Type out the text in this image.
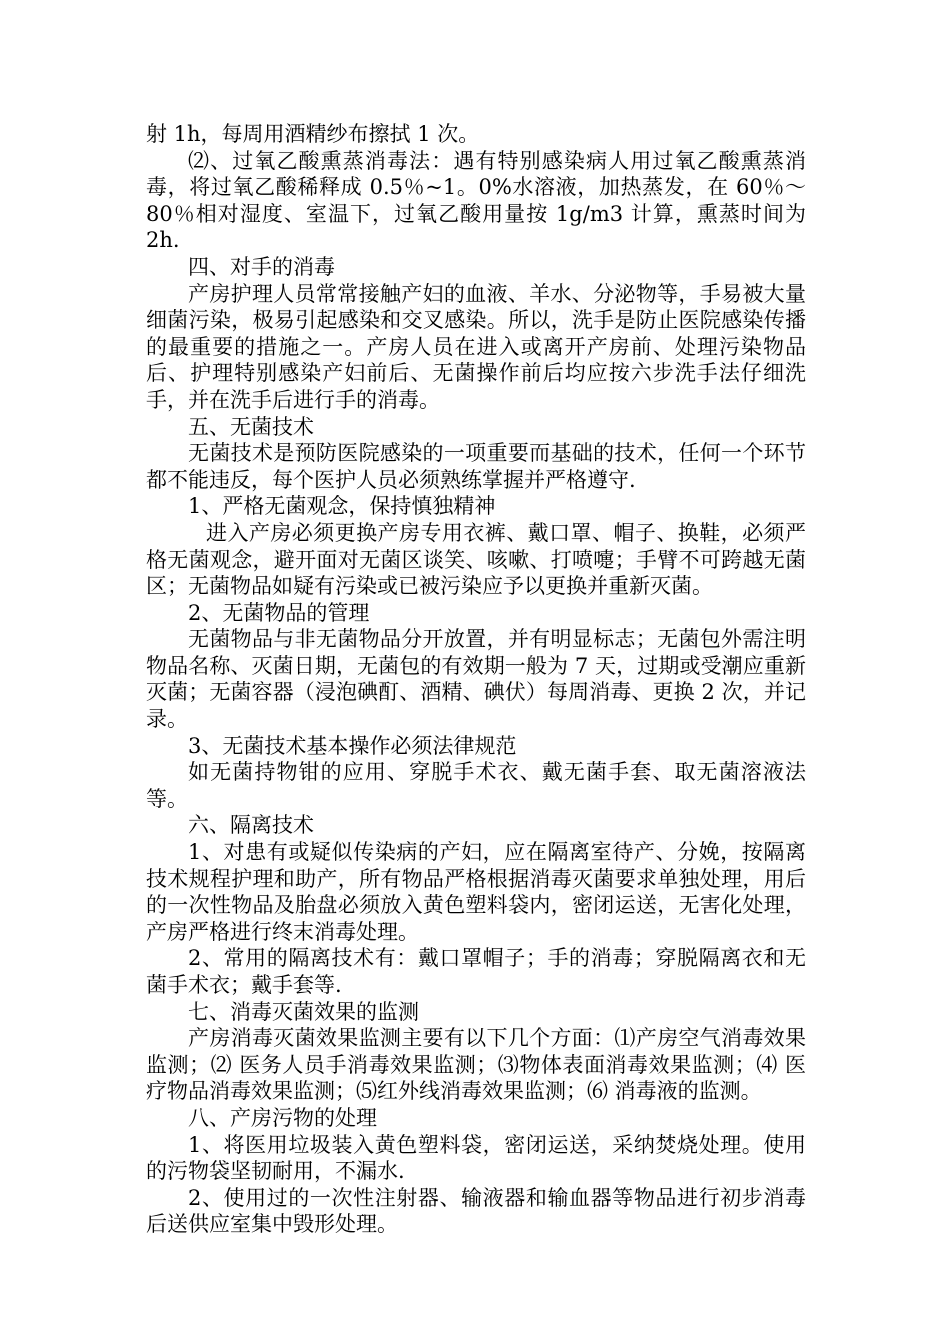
射 1h，每周用酒精纱布擦拭 1 次。

⑵、过氧乙酸熏蒸消毒法：遇有特别感染病人用过氧乙酸熏蒸消毒，将过氧乙酸稀释成 0.5％~1。0%水溶液，加热蒸发，在 60％～80％相对湿度、室温下，过氧乙酸用量按 1g/m3 计算，熏蒸时间为 2h.

四、对手的消毒

产房护理人员常常接触产妇的血液、羊水、分泌物等，手易被大量细菌污染，极易引起感染和交叉感染。所以，洗手是防止医院感染传播的最重要的措施之一。产房人员在进入或离开产房前、处理污染物品后、护理特别感染产妇前后、无菌操作前后均应按六步洗手法仔细洗手，并在洗手后进行手的消毒。

五、无菌技术

无菌技术是预防医院感染的一项重要而基础的技术，任何一个环节都不能违反，每个医护人员必须熟练掌握并严格遵守.

1、严格无菌观念，保持慎独精神

进入产房必须更换产房专用衣裤、戴口罩、帽子、换鞋，必须严格无菌观念，避开面对无菌区谈笑、咳嗽、打喷嚏；手臂不可跨越无菌区；无菌物品如疑有污染或已被污染应予以更换并重新灭菌。

2、无菌物品的管理

无菌物品与非无菌物品分开放置，并有明显标志；无菌包外需注明物品名称、灭菌日期，无菌包的有效期一般为 7 天，过期或受潮应重新灭菌；无菌容器（浸泡碘酊、酒精、碘伏）每周消毒、更换 2 次，并记录。

3、无菌技术基本操作必须法律规范

如无菌持物钳的应用、穿脱手术衣、戴无菌手套、取无菌溶液法等。

六、隔离技术

1、对患有或疑似传染病的产妇，应在隔离室待产、分娩，按隔离技术规程护理和助产，所有物品严格根据消毒灭菌要求单独处理，用后的一次性物品及胎盘必须放入黄色塑料袋内，密闭运送，无害化处理，产房严格进行终末消毒处理。

2、常用的隔离技术有：戴口罩帽子；手的消毒；穿脱隔离衣和无菌手术衣；戴手套等.

七、消毒灭菌效果的监测

产房消毒灭菌效果监测主要有以下几个方面：⑴产房空气消毒效果监测；⑵ 医务人员手消毒效果监测；⑶物体表面消毒效果监测；⑷ 医疗物品消毒效果监测；⑸红外线消毒效果监测；⑹ 消毒液的监测。

八、产房污物的处理

1、将医用垃圾装入黄色塑料袋，密闭运送，采纳焚烧处理。使用的污物袋坚韧耐用，不漏水.

2、使用过的一次性注射器、输液器和输血器等物品进行初步消毒后送供应室集中毁形处理。
